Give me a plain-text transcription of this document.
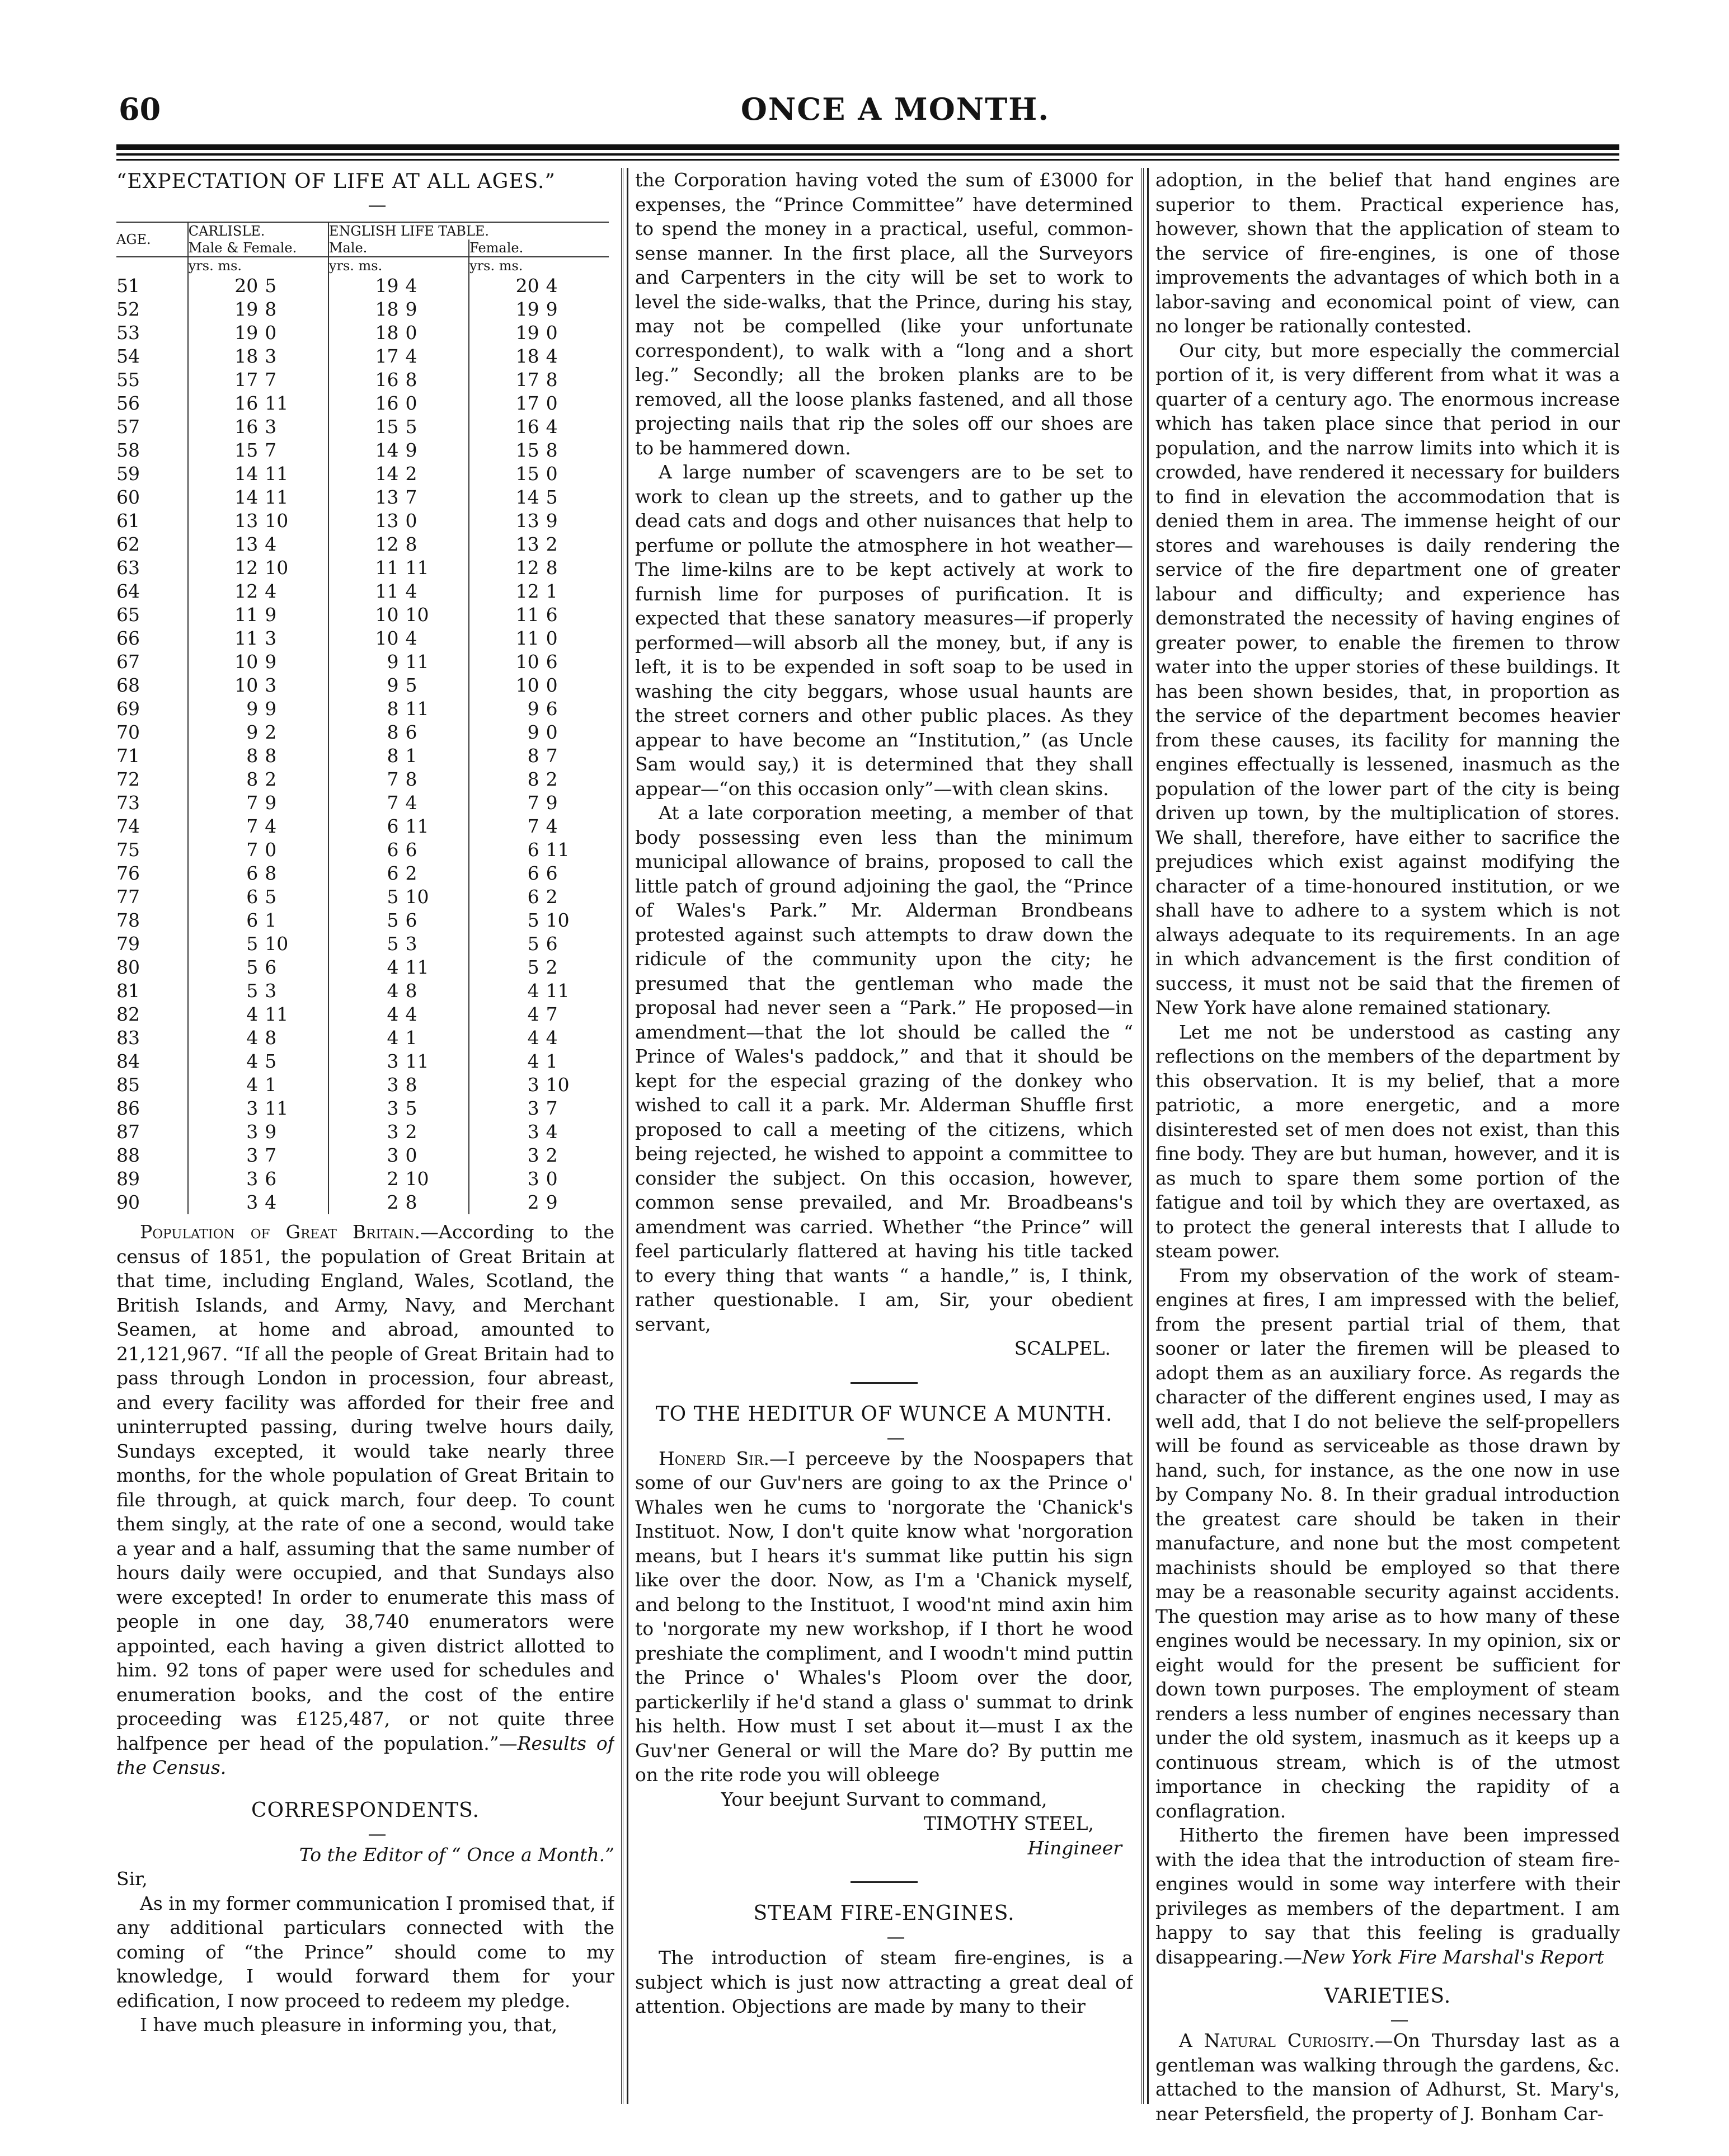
60	ONCE A MONTH.
“EXPECTATION OF LIFE AT ALL AGES.”

—

AGE.	CARLISLE.		ENGLISH LIFE TABLE.			
	Male & Female.		Male.		Female.	
	yrs. ms.		yrs. ms.		yrs. ms.	
51	20	5	19	4	20	4
52	19	8	18	9	19	9
53	19	0	18	0	19	0
54	18	3	17	4	18	4
55	17	7	16	8	17	8
56	16	11	16	0	17	0
57	16	3	15	5	16	4
58	15	7	14	9	15	8
59	14	11	14	2	15	0
60	14	11	13	7	14	5
61	13	10	13	0	13	9
62	13	4	12	8	13	2
63	12	10	11	11	12	8
64	12	4	11	4	12	1
65	11	9	10	10	11	6
66	11	3	10	4	11	0
67	10	9	9	11	10	6
68	10	3	9	5	10	0
69	9	9	8	11	9	6
70	9	2	8	6	9	0
71	8	8	8	1	8	7
72	8	2	7	8	8	2
73	7	9	7	4	7	9
74	7	4	6	11	7	4
75	7	0	6	6	6	11
76	6	8	6	2	6	6
77	6	5	5	10	6	2
78	6	1	5	6	5	10
79	5	10	5	3	5	6
80	5	6	4	11	5	2
81	5	3	4	8	4	11
82	4	11	4	4	4	7
83	4	8	4	1	4	4
84	4	5	3	11	4	1
85	4	1	3	8	3	10
86	3	11	3	5	3	7
87	3	9	3	2	3	4
88	3	7	3	0	3	2
89	3	6	2	10	3	0
90	3	4	2	8	2	9

Population of Great Britain.—According to the census of 1851, the population of Great Britain at that time, including England, Wales, Scotland, the British Islands, and Army, Navy, and Merchant Seamen, at home and abroad, amounted to 21,121,967. “If all the people of Great Britain had to pass through London in procession, four abreast, and every facility was afforded for their free and uninterrupted passing, during twelve hours daily, Sundays excepted, it would take nearly three months, for the whole population of Great Britain to file through, at quick march, four deep. To count them singly, at the rate of one a second, would take a year and a half, assuming that the same number of hours daily were occupied, and that Sundays also were excepted! In order to enumerate this mass of people in one day, 38,740 enumerators were appointed, each having a given district allotted to him. 92 tons of paper were used for schedules and enumeration books, and the cost of the entire proceeding was £125,487, or not quite three halfpence per head of the population.”—Results of the Census.

CORRESPONDENTS.

—

To the Editor of “ Once a Month.”

Sir,

As in my former communication I promised that, if any additional particulars connected with the coming of “the Prince” should come to my knowledge, I would forward them for your edification, I now proceed to redeem my pledge.

I have much pleasure in informing you, that,

the Corporation having voted the sum of £3000 for expenses, the “Prince Committee” have determined to spend the money in a practical, useful, common-sense manner. In the first place, all the Surveyors and Carpenters in the city will be set to work to level the side-walks, that the Prince, during his stay, may not be compelled (like your unfortunate correspondent), to walk with a “long and a short leg.” Secondly; all the broken planks are to be removed, all the loose planks fastened, and all those projecting nails that rip the soles off our shoes are to be hammered down.

A large number of scavengers are to be set to work to clean up the streets, and to gather up the dead cats and dogs and other nuisances that help to perfume or pollute the atmosphere in hot weather—The lime-kilns are to be kept actively at work to furnish lime for purposes of purification. It is expected that these sanatory measures—if properly performed—will absorb all the money, but, if any is left, it is to be expended in soft soap to be used in washing the city beggars, whose usual haunts are the street corners and other public places. As they appear to have become an “Institution,” (as Uncle Sam would say,) it is determined that they shall appear—“on this occasion only”—with clean skins.

At a late corporation meeting, a member of that body possessing even less than the minimum municipal allowance of brains, proposed to call the little patch of ground adjoining the gaol, the “Prince of Wales's Park.” Mr. Alderman Brondbeans protested against such attempts to draw down the ridicule of the community upon the city; he presumed that the gentleman who made the proposal had never seen a “Park.” He proposed—in amendment—that the lot should be called the “ Prince of Wales's paddock,” and that it should be kept for the especial grazing of the donkey who wished to call it a park. Mr. Alderman Shuffle first proposed to call a meeting of the citizens, which being rejected, he wished to appoint a committee to consider the subject. On this occasion, however, common sense prevailed, and Mr. Broadbeans's amendment was carried. Whether “the Prince” will feel particularly flattered at having his title tacked to every thing that wants “ a handle,” is, I think, rather questionable. I am, Sir, your obedient servant,

SCALPEL.

TO THE HEDITUR OF WUNCE A MUNTH.

—

Honerd Sir.—I perceeve by the Noospapers that some of our Guv'ners are going to ax the Prince o' Whales wen he cums to 'norgorate the 'Chanick's Instituot. Now, I don't quite know what 'norgoration means, but I hears it's summat like puttin his sign like over the door. Now, as I'm a 'Chanick myself, and belong to the Instituot, I wood'nt mind axin him to 'norgorate my new workshop, if I thort he wood preshiate the compliment, and I woodn't mind puttin the Prince o' Whales's Ploom over the door, partickerlily if he'd stand a glass o' summat to drink his helth. How must I set about it—must I ax the Guv'ner General or will the Mare do? By puttin me on the rite rode you will obleege

Your beejunt Survant to command,

TIMOTHY STEEL,

Hingineer

STEAM FIRE-ENGINES.

—

The introduction of steam fire-engines, is a subject which is just now attracting a great deal of attention. Objections are made by many to their

adoption, in the belief that hand engines are superior to them. Practical experience has, however, shown that the application of steam to the service of fire-engines, is one of those improvements the advantages of which both in a labor-saving and economical point of view, can no longer be rationally contested.

Our city, but more especially the commercial portion of it, is very different from what it was a quarter of a century ago. The enormous increase which has taken place since that period in our population, and the narrow limits into which it is crowded, have rendered it necessary for builders to find in elevation the accommodation that is denied them in area. The immense height of our stores and warehouses is daily rendering the service of the fire department one of greater labour and difficulty; and experience has demonstrated the necessity of having engines of greater power, to enable the firemen to throw water into the upper stories of these buildings. It has been shown besides, that, in proportion as the service of the department becomes heavier from these causes, its facility for manning the engines effectually is lessened, inasmuch as the population of the lower part of the city is being driven up town, by the multiplication of stores. We shall, therefore, have either to sacrifice the prejudices which exist against modifying the character of a time-honoured institution, or we shall have to adhere to a system which is not always adequate to its requirements. In an age in which advancement is the first condition of success, it must not be said that the firemen of New York have alone remained stationary.

Let me not be understood as casting any reflections on the members of the department by this observation. It is my belief, that a more patriotic, a more energetic, and a more disinterested set of men does not exist, than this fine body. They are but human, however, and it is as much to spare them some portion of the fatigue and toil by which they are overtaxed, as to protect the general interests that I allude to steam power.

From my observation of the work of steam-engines at fires, I am impressed with the belief, from the present partial trial of them, that sooner or later the firemen will be pleased to adopt them as an auxiliary force. As regards the character of the different engines used, I may as well add, that I do not believe the self-propellers will be found as serviceable as those drawn by hand, such, for instance, as the one now in use by Company No. 8. In their gradual introduction the greatest care should be taken in their manufacture, and none but the most competent machinists should be employed so that there may be a reasonable security against accidents. The question may arise as to how many of these engines would be necessary. In my opinion, six or eight would for the present be sufficient for down town purposes. The employment of steam renders a less number of engines necessary than under the old system, inasmuch as it keeps up a continuous stream, which is of the utmost importance in checking the rapidity of a conflagration.

Hitherto the firemen have been impressed with the idea that the introduction of steam fire-engines would in some way interfere with their privileges as members of the department. I am happy to say that this feeling is gradually disappearing.—New York Fire Marshal's Report

VARIETIES.

—

A Natural Curiosity.—On Thursday last as a gentleman was walking through the gardens, &c. attached to the mansion of Adhurst, St. Mary's, near Petersfield, the property of J. Bonham Car-
